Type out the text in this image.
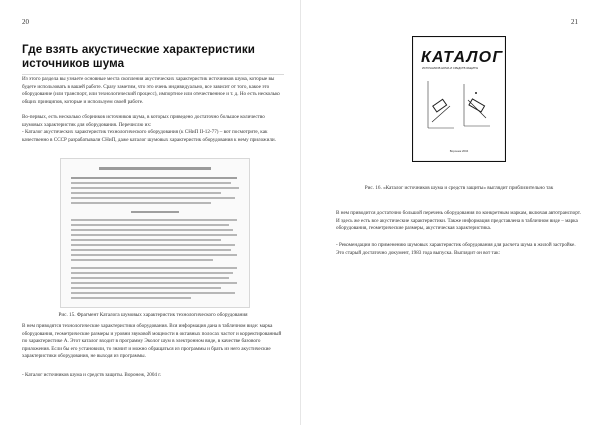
20
Где взять акустические характеристики источников шума

Из этого раздела вы узнаете основные места скопления акустических характеристик источников шума, которые вы будете использовать в вашей работе. Сразу заметим, что это очень индивидуально, все зависит от того, какое это оборудование (или транспорт, или технологический процесс), импортное или отечественное и т. д. Но есть несколько общих принципов, которые и используем своей работе.

Во-первых, есть несколько сборников источников шума, в которых приведено достаточно большое количество шумовых характеристик для оборудования. Перечислю их:

- Каталог акустических характеристик технологического оборудования (к СНиП II-12-77) – вот посмотрите, как качественно в СССР разрабатывали СНиП, даже каталог шумовых характеристик оборудования к нему приложили.

Рис. 15. Фрагмент Каталога шумовых характеристик технологического оборудования

В нем приводятся технологические характеристики оборудования. Вся информация дана в табличном виде: марка оборудования, геометрические размеры и уровни звуковой мощности в октавных полосах частот и корректированный по характеристике А. Этот каталог входит в программу Эколог шум в электронном виде, в качестве базового приложения. Если бы его установили, то значит и можно обращаться из программы и брать из него акустические характеристики оборудования, не выходя из программы.

- Каталог источников шума и средств защиты. Воронеж, 2004 г.

21
КАТАЛОГ
ИСТОЧНИКОВ ШУМА И СРЕДСТВ ЗАЩИТЫ
Воронеж 2004
Рис. 16. «Каталог источников шума и средств защиты» выглядит приблизительно так

В нем приводится достаточно большой перечень оборудования по конкретным маркам, включая автотранспорт. И здесь же есть все акустические характеристики. Также информация представлена в табличном виде – марка оборудования, геометрические размеры, акустическая характеристика.

- Рекомендации по применению шумовых характеристик оборудования для расчета шума в жилой застройке. Это старый достаточно документ, 1983 года выпуска. Выглядит он вот так:
